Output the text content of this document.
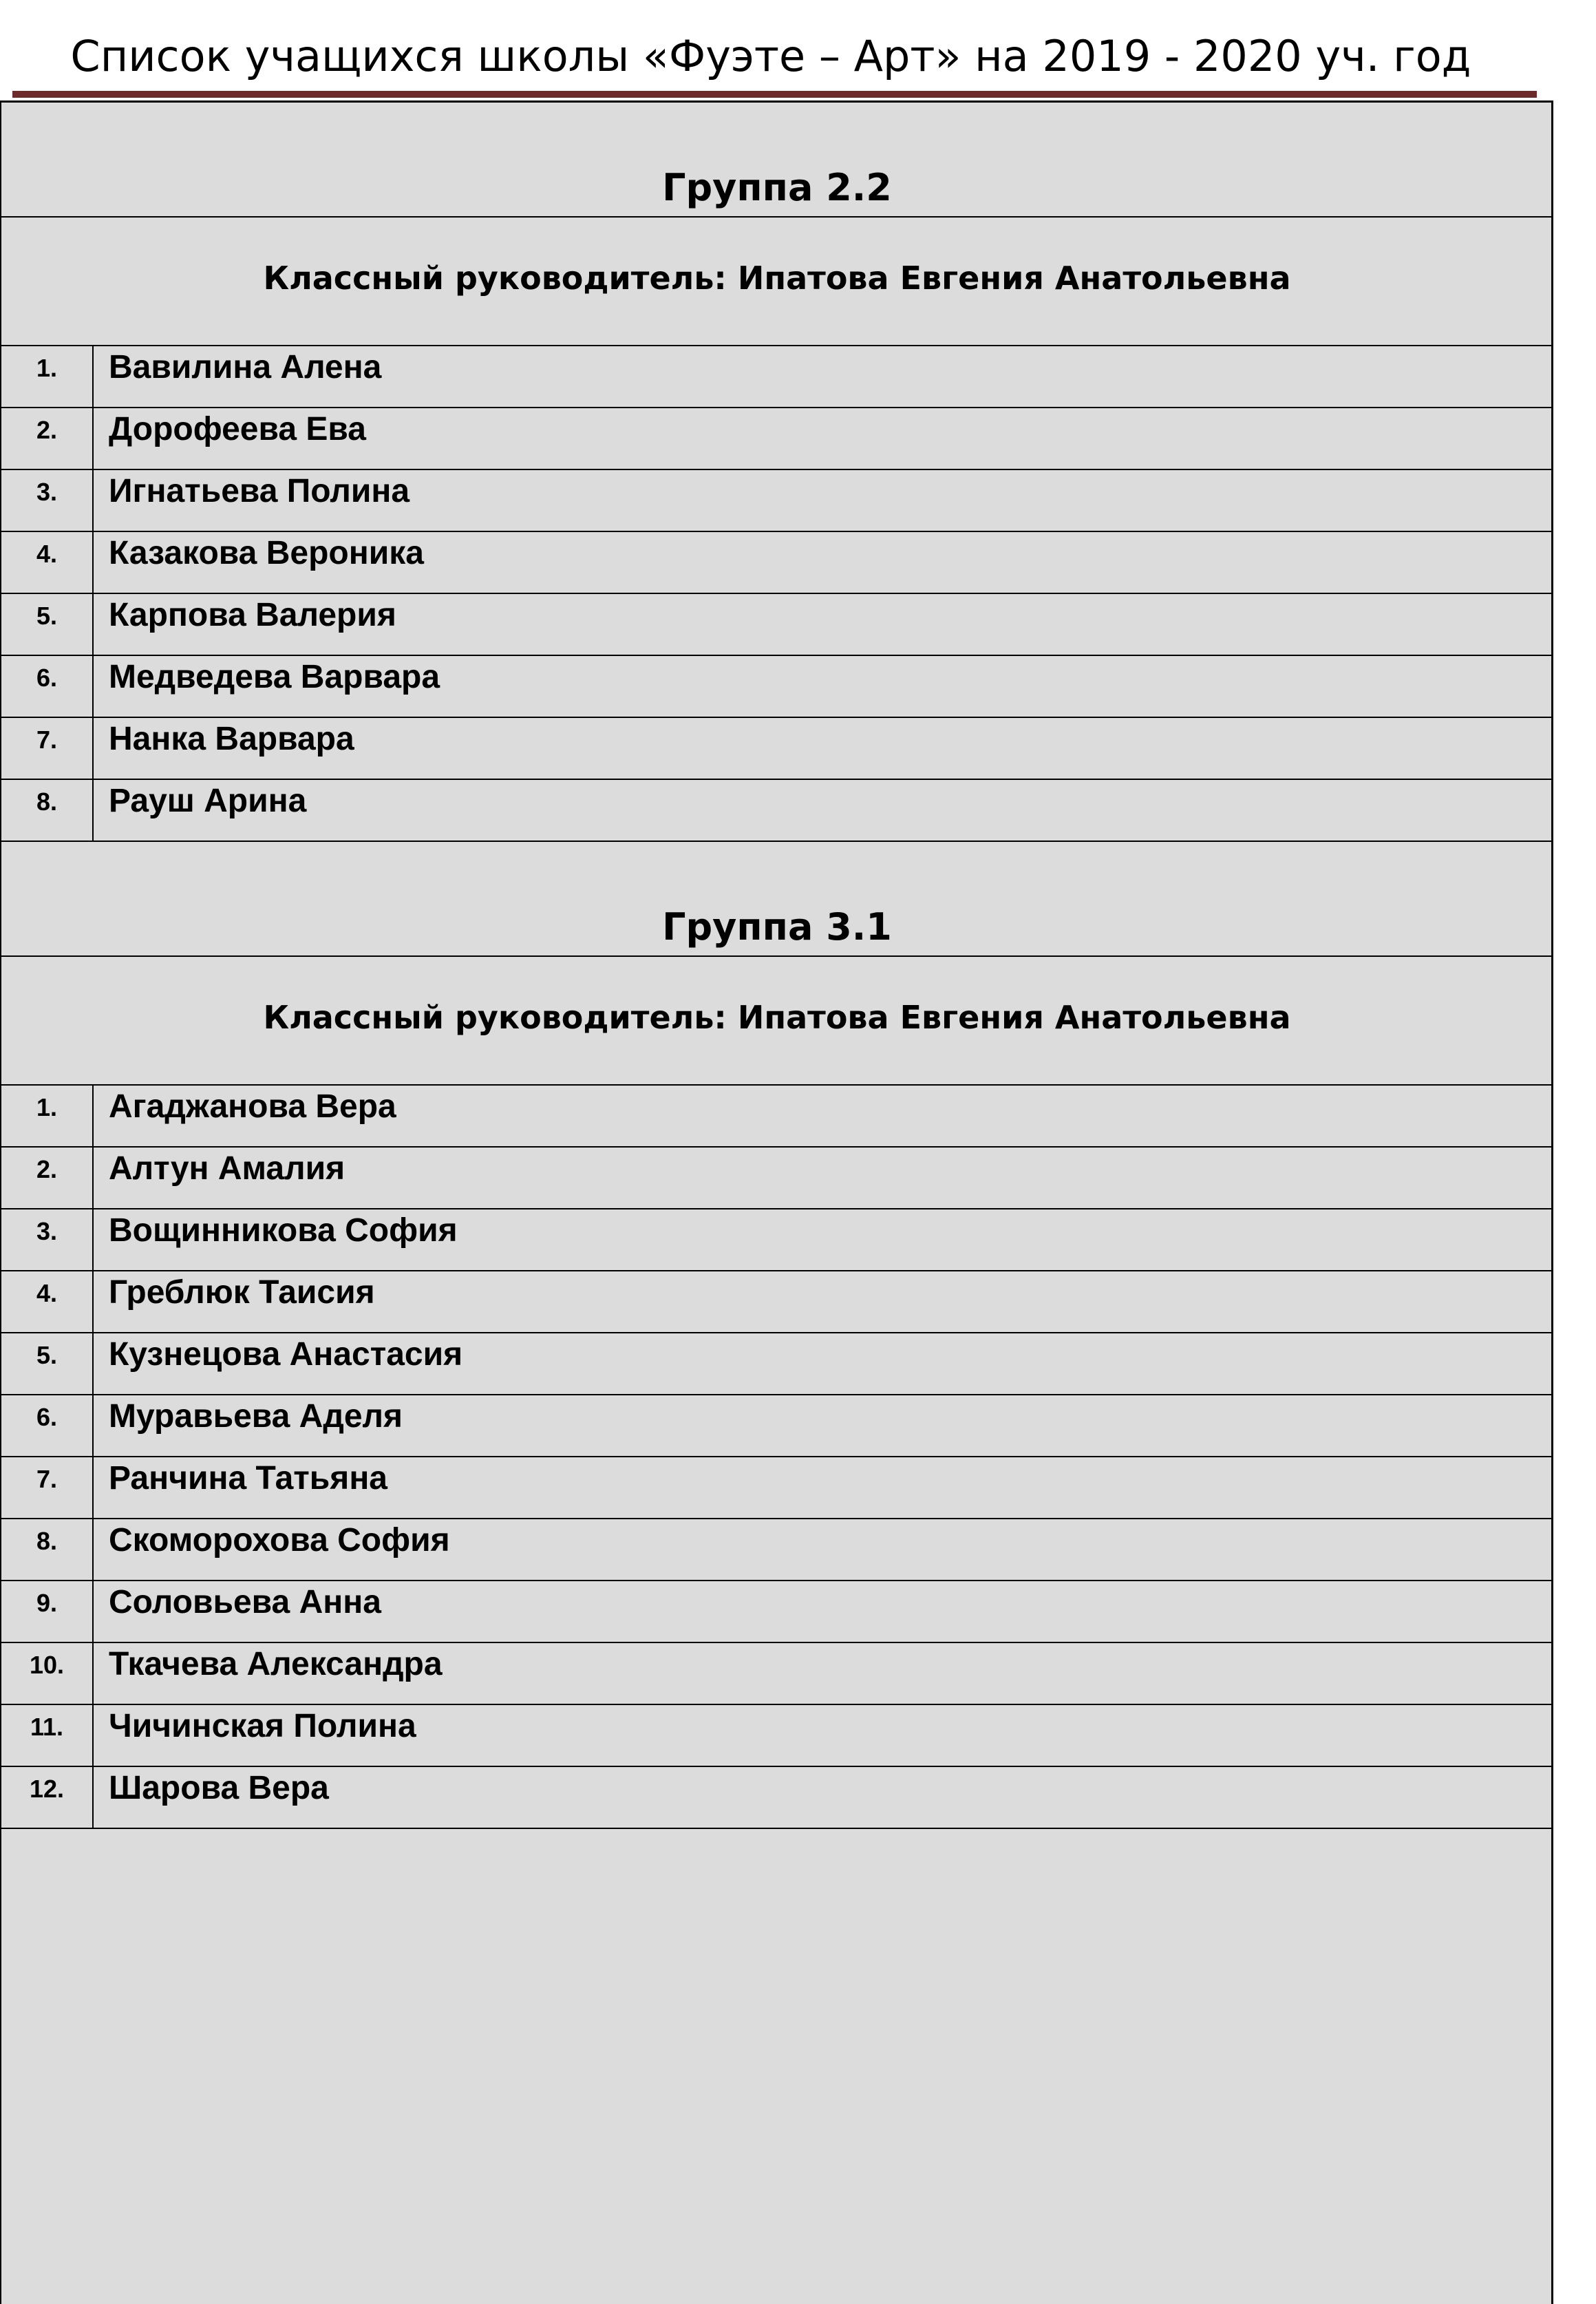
Список учащихся школы «Фуэте – Арт» на 2019 - 2020 уч. год
Группа 2.2
Классный руководитель: Ипатова Евгения Анатольевна
1.	Вавилина Алена
2.	Дорофеева Ева
3.	Игнатьева Полина
4.	Казакова Вероника
5.	Карпова Валерия
6.	Медведева Варвара
7.	Нанка Варвара
8.	Рауш Арина
Группа 3.1
Классный руководитель: Ипатова Евгения Анатольевна
1.	Агаджанова Вера
2.	Алтун Амалия
3.	Вощинникова София
4.	Греблюк Таисия
5.	Кузнецова Анастасия
6.	Муравьева Аделя
7.	Ранчина Татьяна
8.	Скоморохова София
9.	Соловьева Анна
10.	Ткачева Александра
11.	Чичинская Полина
12.	Шарова Вера
